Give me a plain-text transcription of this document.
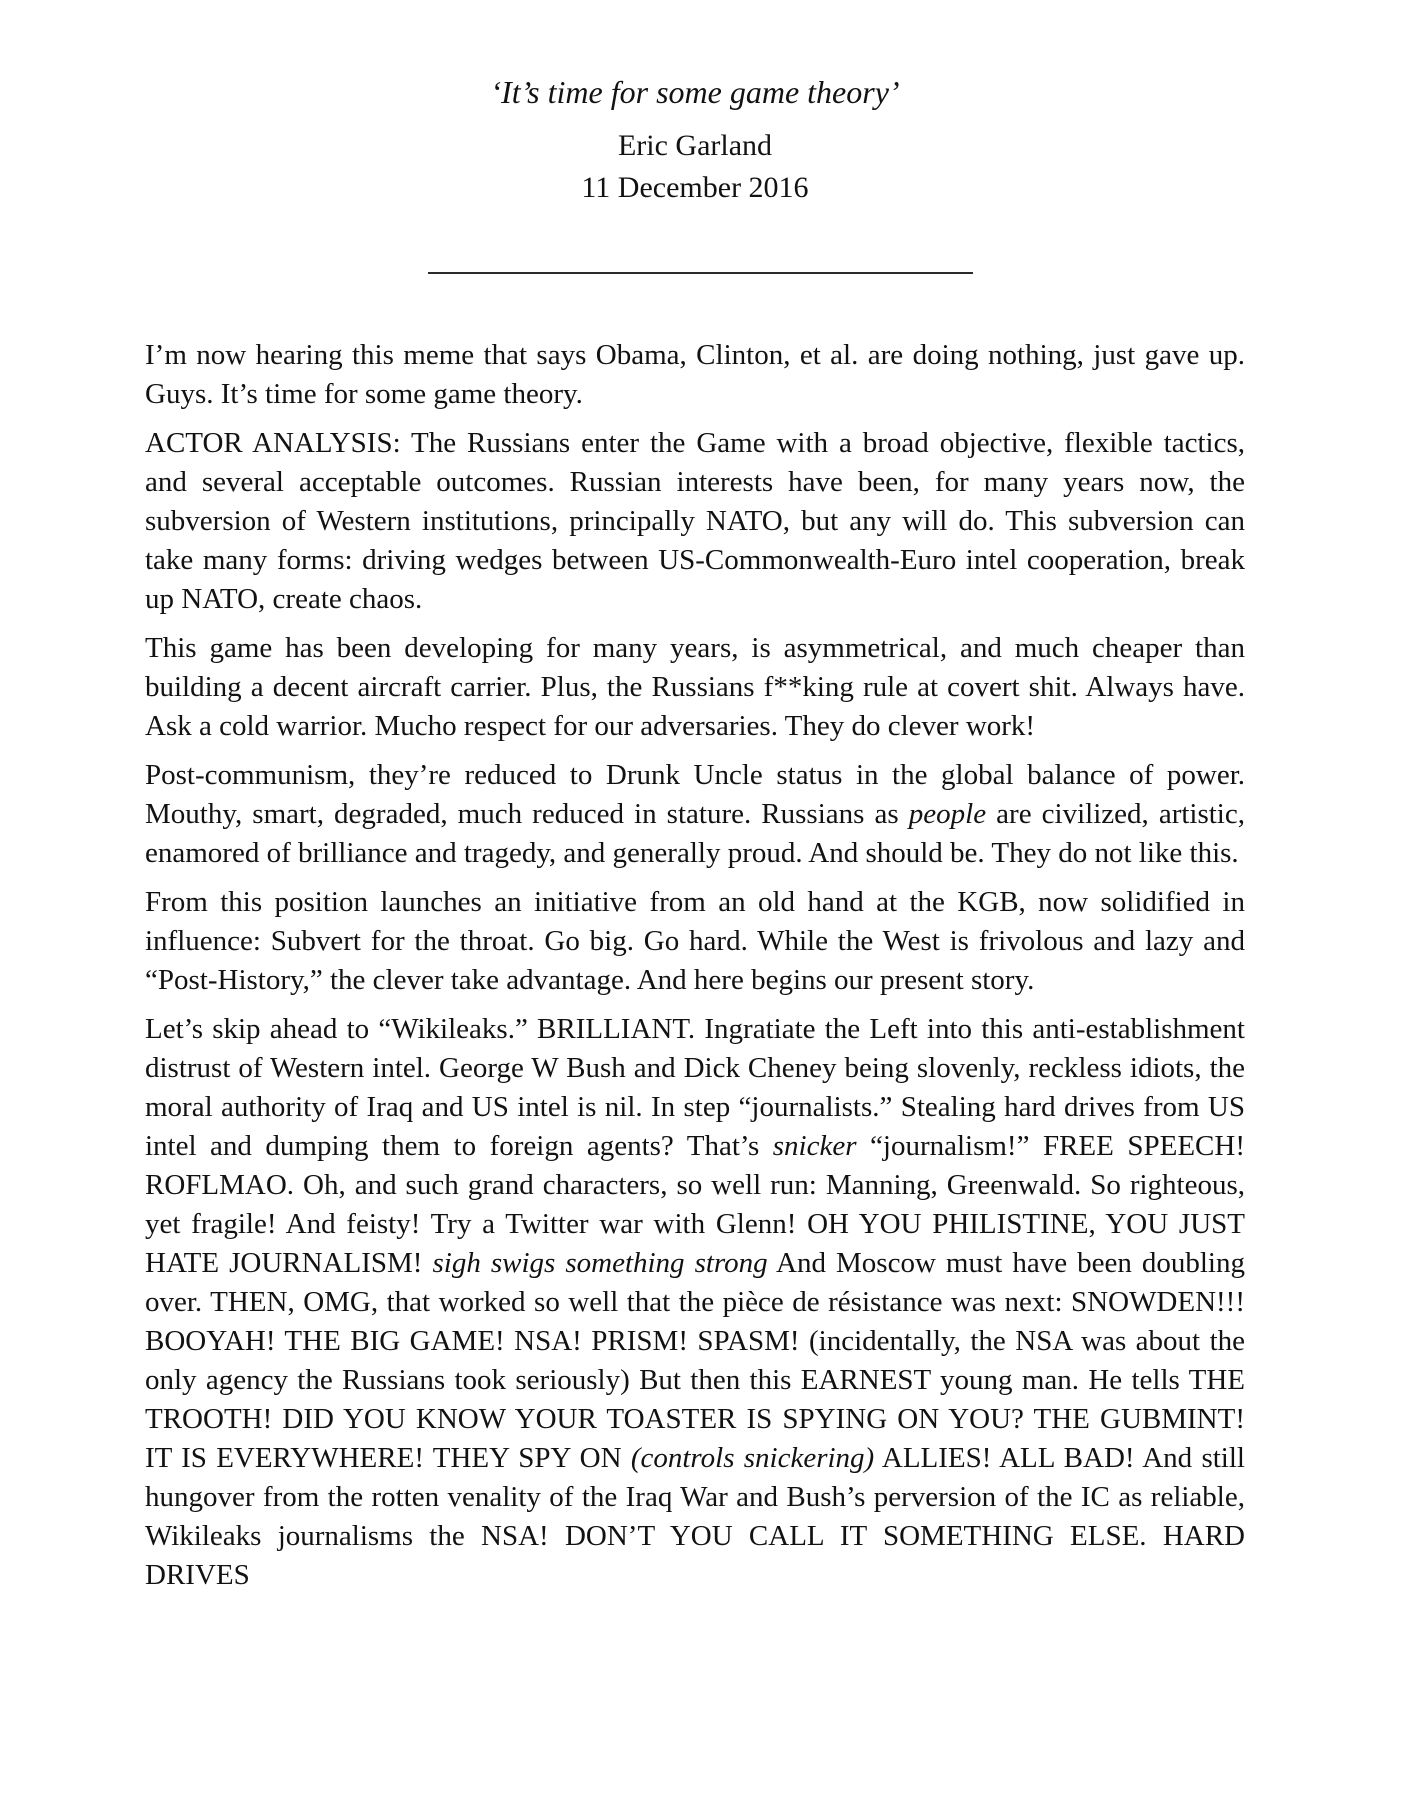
‘It’s time for some game theory’
Eric Garland
11 December 2016

I’m now hearing this meme that says Obama, Clinton, et al. are doing nothing, just gave up. Guys. It’s time for some game theory.

ACTOR ANALYSIS: The Russians enter the Game with a broad objective, flexible tactics, and several acceptable outcomes. Russian interests have been, for many years now, the subversion of Western institutions, principally NATO, but any will do. This subversion can take many forms: driving wedges between US-Commonwealth-Euro intel cooperation, break up NATO, create chaos.

This game has been developing for many years, is asymmetrical, and much cheaper than building a decent aircraft carrier. Plus, the Russians f**king rule at covert shit. Always have. Ask a cold warrior. Mucho respect for our adversaries. They do clever work!

Post-communism, they’re reduced to Drunk Uncle status in the global balance of power. Mouthy, smart, degraded, much reduced in stature. Russians as people are civilized, artistic, enamored of brilliance and tragedy, and generally proud. And should be. They do not like this.

From this position launches an initiative from an old hand at the KGB, now solidified in influence: Subvert for the throat. Go big. Go hard. While the West is frivolous and lazy and “Post-History,” the clever take advantage. And here begins our present story.

Let’s skip ahead to “Wikileaks.” BRILLIANT. Ingratiate the Left into this anti-establishment distrust of Western intel. George W Bush and Dick Cheney being slovenly, reckless idiots, the moral authority of Iraq and US intel is nil. In step “journalists.” Stealing hard drives from US intel and dumping them to foreign agents? That’s snicker “journalism!” FREE SPEECH! ROFLMAO. Oh, and such grand characters, so well run: Manning, Greenwald. So righteous, yet fragile! And feisty! Try a Twitter war with Glenn! OH YOU PHILISTINE, YOU JUST HATE JOURNALISM! sigh swigs something strong And Moscow must have been doubling over. THEN, OMG, that worked so well that the pièce de résistance was next: SNOWDEN!!! BOOYAH! THE BIG GAME! NSA! PRISM! SPASM! (incidentally, the NSA was about the only agency the Russians took seriously) But then this EARNEST young man. He tells THE TROOTH! DID YOU KNOW YOUR TOASTER IS SPYING ON YOU? THE GUBMINT! IT IS EVERYWHERE! THEY SPY ON (controls snickering) ALLIES! ALL BAD! And still hungover from the rotten venality of the Iraq War and Bush’s perversion of the IC as reliable, Wikileaks journalisms the NSA! DON’T YOU CALL IT SOMETHING ELSE. HARD DRIVES
